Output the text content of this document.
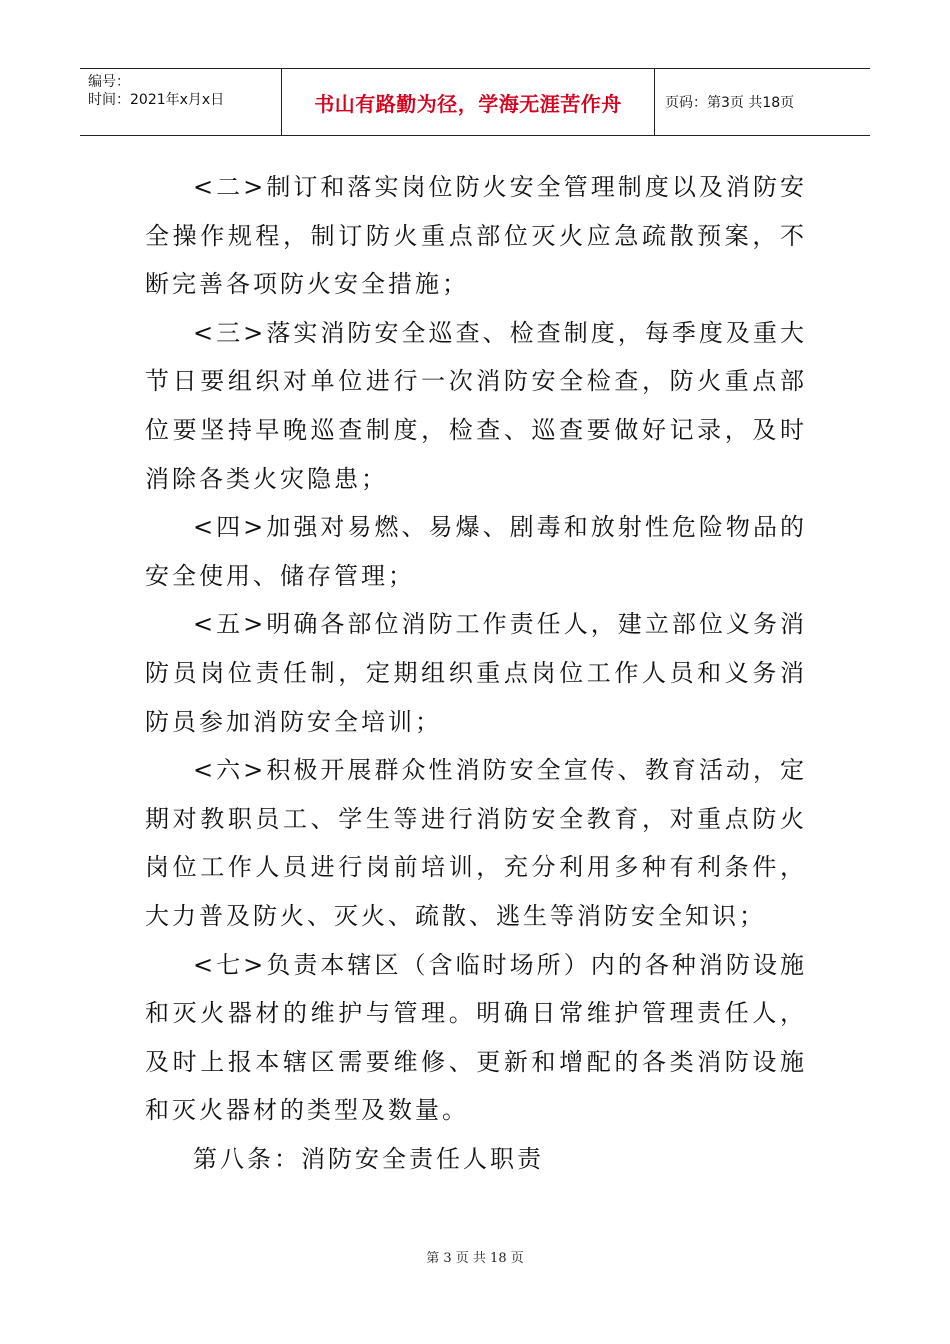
编号：
时间：2021年x月x日	书山有路勤为径，学海无涯苦作舟	页码：第3页 共18页

<二>制订和落实岗位防火安全管理制度以及消防安全操作规程，制订防火重点部位灭火应急疏散预案，不断完善各项防火安全措施；

<三>落实消防安全巡查、检查制度，每季度及重大节日要组织对单位进行一次消防安全检查，防火重点部位要坚持早晚巡查制度，检查、巡查要做好记录，及时消除各类火灾隐患；

<四>加强对易燃、易爆、剧毒和放射性危险物品的安全使用、储存管理；

<五>明确各部位消防工作责任人，建立部位义务消防员岗位责任制，定期组织重点岗位工作人员和义务消防员参加消防安全培训；

<六>积极开展群众性消防安全宣传、教育活动，定期对教职员工、学生等进行消防安全教育，对重点防火岗位工作人员进行岗前培训，充分利用多种有利条件，大力普及防火、灭火、疏散、逃生等消防安全知识；

<七>负责本辖区（含临时场所）内的各种消防设施和灭火器材的维护与管理。明确日常维护管理责任人，及时上报本辖区需要维修、更新和增配的各类消防设施和灭火器材的类型及数量。

第八条：消防安全责任人职责

第 3 页 共 18 页
